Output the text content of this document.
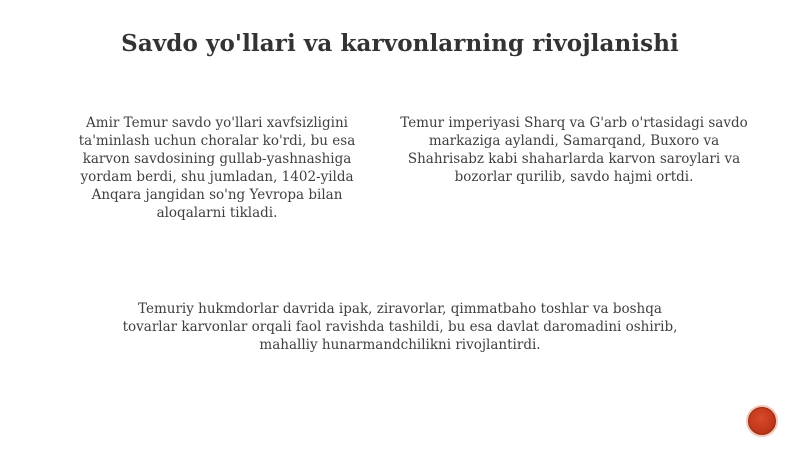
Savdo yo'llari va karvonlarning rivojlanishi
Amir Temur savdo yo'llari xavfsizligini ta'minlash uchun choralar ko'rdi, bu esa karvon savdosining gullab-yashnashiga yordam berdi, shu jumladan, 1402-yilda Anqara jangidan so'ng Yevropa bilan aloqalarni tikladi.
Temur imperiyasi Sharq va G'arb o'rtasidagi savdo markaziga aylandi, Samarqand, Buxoro va Shahrisabz kabi shaharlarda karvon saroylari va bozorlar qurilib, savdo hajmi ortdi.
Temuriy hukmdorlar davrida ipak, ziravorlar, qimmatbaho toshlar va boshqa tovarlar karvonlar orqali faol ravishda tashildi, bu esa davlat daromadini oshirib, mahalliy hunarmandchilikni rivojlantirdi.
